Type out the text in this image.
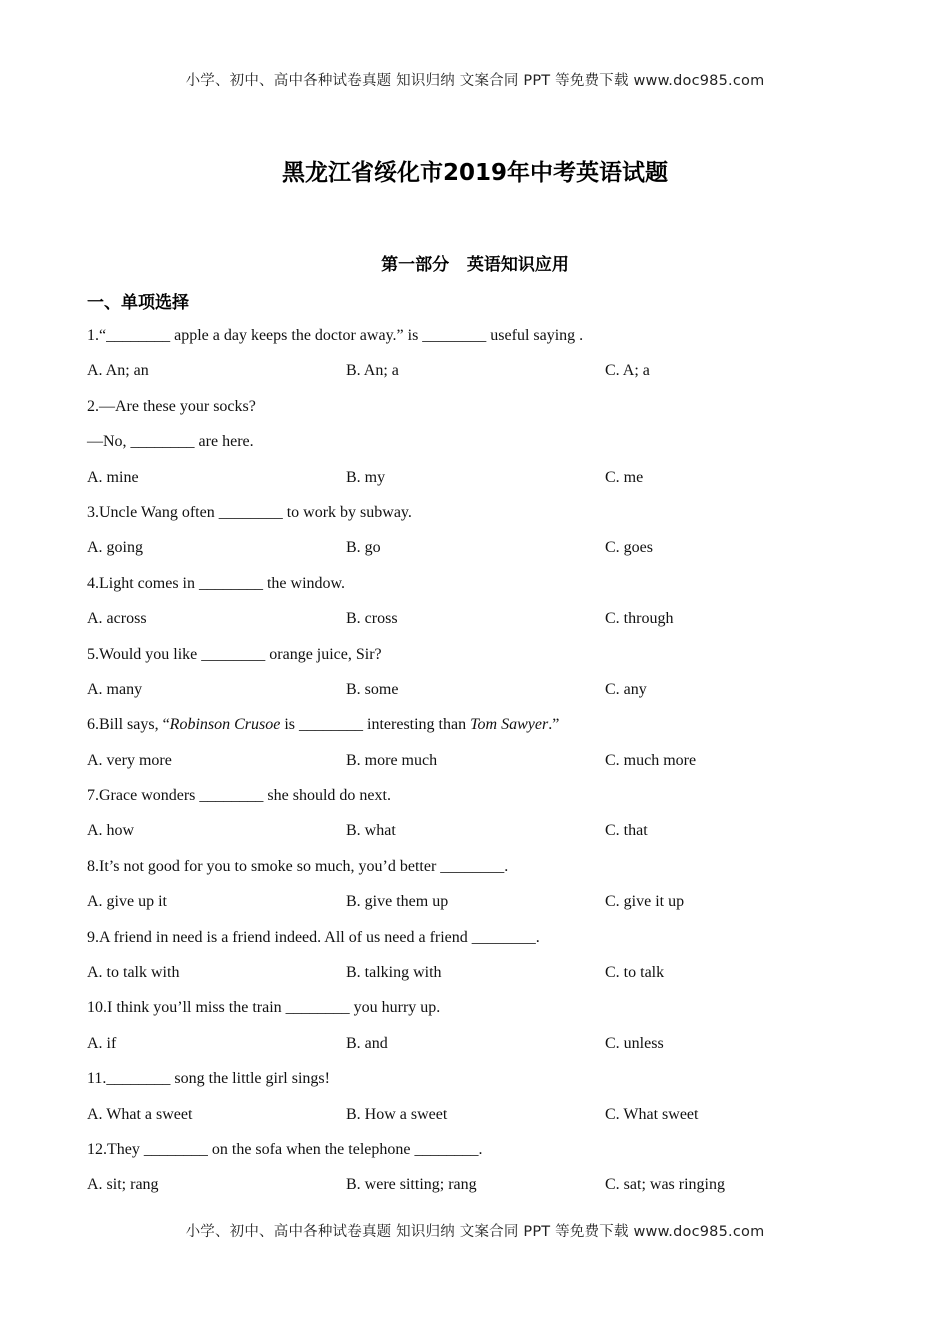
小学、初中、高中各种试卷真题 知识归纳 文案合同 PPT 等免费下载 www.doc985.com
黑龙江省绥化市2019年中考英语试题
第一部分   英语知识应用
一、单项选择
1.“________ apple a day keeps the doctor away.” is ________ useful saying .
A. An; an	B. An; a	C. A; a
2.—Are these your socks?
—No, ________ are here.
A. mine	B. my	C. me
3.Uncle Wang often ________ to work by subway.
A. going	B. go	C. goes
4.Light comes in ________ the window.
A. across	B. cross	C. through
5.Would you like ________ orange juice, Sir?
A. many	B. some	C. any
6.Bill says, “Robinson Crusoe is ________ interesting than Tom Sawyer.”
A. very more	B. more much	C. much more
7.Grace wonders ________ she should do next.
A. how	B. what	C. that
8.It’s not good for you to smoke so much, you’d better ________.
A. give up it	B. give them up	C. give it up
9.A friend in need is a friend indeed. All of us need a friend ________.
A. to talk with	B. talking with	C. to talk
10.I think you’ll miss the train ________ you hurry up.
A. if	B. and	C. unless
11.________ song the little girl sings!
A. What a sweet	B. How a sweet	C. What sweet
12.They ________ on the sofa when the telephone ________.
A. sit; rang	B. were sitting; rang	C. sat; was ringing
小学、初中、高中各种试卷真题 知识归纳 文案合同 PPT 等免费下载 www.doc985.com
